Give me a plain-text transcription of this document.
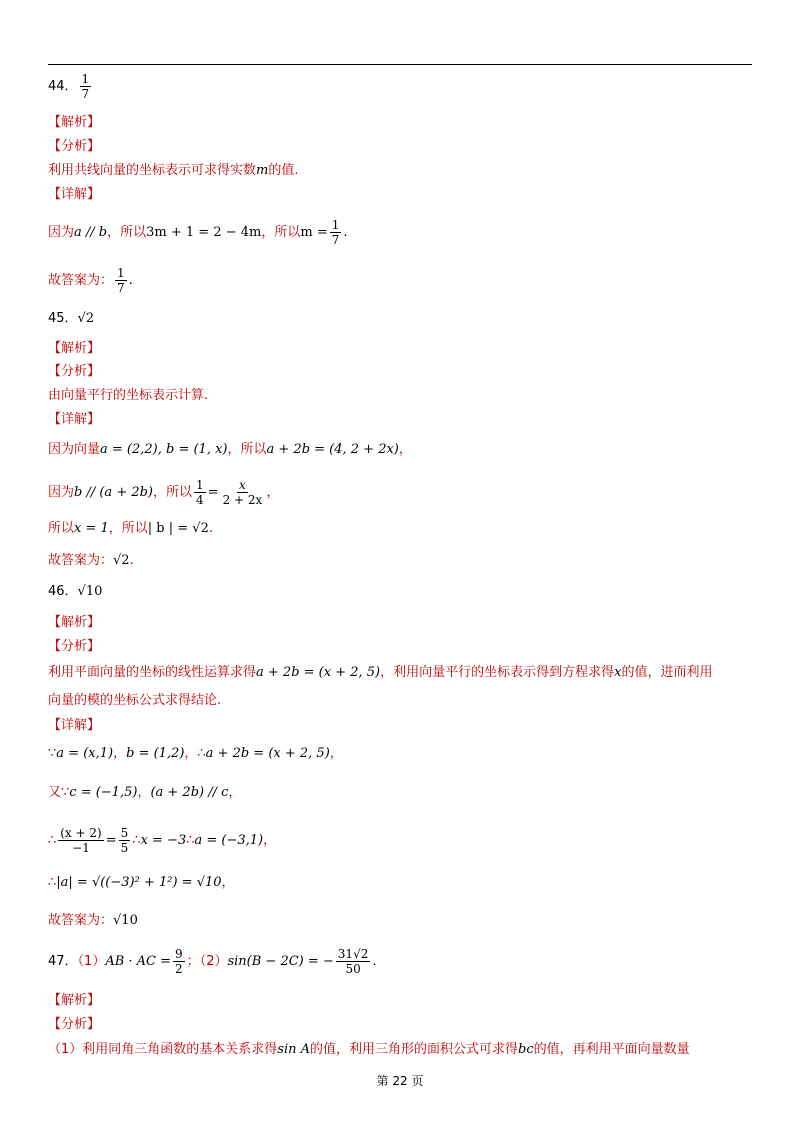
44． $\frac{1}{7}$
【解析】
【分析】
利用共线向量的坐标表示可求得实数m的值.
【详解】
因为a // b，所以3m + 1 = 2 − 4m，所以$m = \frac{1}{7}$ .
故答案为： $\frac{1}{7}$ .
45．√2
【解析】
【分析】
由向量平行的坐标表示计算.
【详解】
因为向量a = (2,2), b = (1, x)，所以a + 2b = (4, 2 + 2x)，
因为b // (a + 2b)，所以 $\frac{1}{4} = \frac{x}{2 + 2x}$ ，
所以x = 1，所以| b | = √2.
故答案为：√2.
46．√10
【解析】
【分析】
利用平面向量的坐标的线性运算求得a + 2b = (x + 2, 5)，利用向量平行的坐标表示得到方程求得x的值，进而利用
向量的模的坐标公式求得结论.
【详解】
∵a = (x,1)，b = (1,2)，∴a + 2b = (x + 2, 5)，
又∵c = (−1,5)，(a + 2b) // c，
∴ $\frac{(x + 2)}{-1} = \frac{5}{5}$ ∴x = −3∴a = (−3,1)，
∴|a| = √((−3)² + 1²) = √10，
故答案为：√10
47．（1）AB · AC = $\frac{9}{2}$ ；（2）sin(B − 2C) = − $\frac{31√2}{50}$ .
【解析】
【分析】
（1）利用同角三角函数的基本关系求得sin A的值，利用三角形的面积公式可求得bc的值，再利用平面向量数量
第 22 页
